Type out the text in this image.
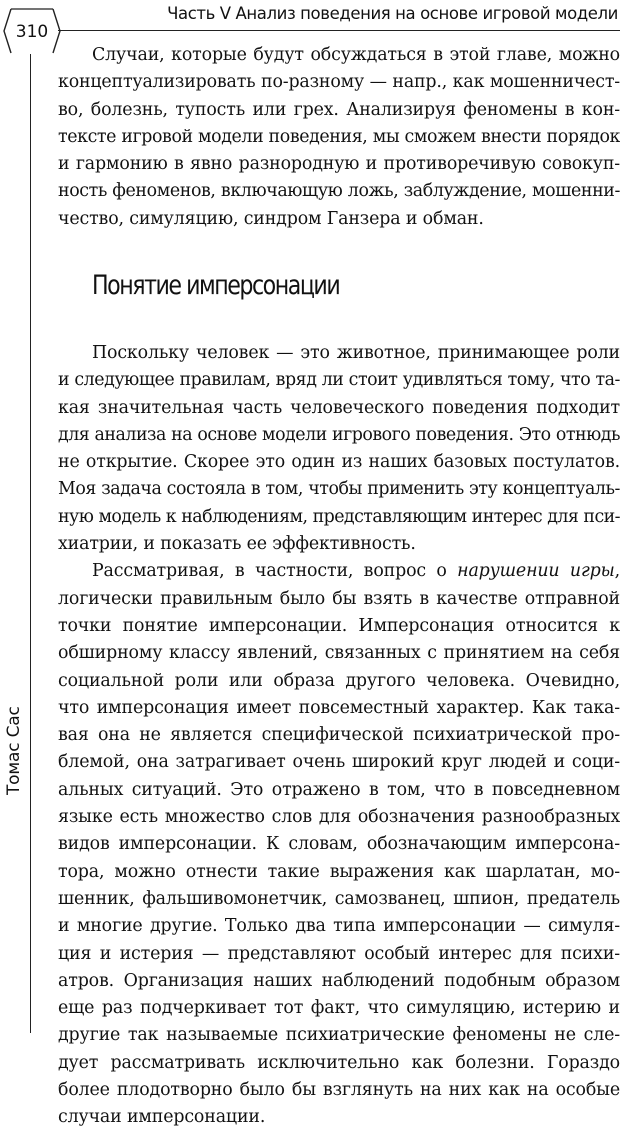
310
Часть V Анализ поведения на основе игровой модели
Томас Сас

Случаи, которые будут обсуждаться в этой главе, можно
концептуализировать по-разному — напр., как мошенничест-
во, болезнь, тупость или грех. Анализируя феномены в кон-
тексте игровой модели поведения, мы сможем внести порядок
и гармонию в явно разнородную и противоречивую совокуп-
ность феноменов, включающую ложь, заблуждение, мошенни-
чество, симуляцию, синдром Ганзера и обман.

Понятие имперсонации

Поскольку человек — это животное, принимающее роли
и следующее правилам, вряд ли стоит удивляться тому, что та-
кая значительная часть человеческого поведения подходит
для анализа на основе модели игрового поведения. Это отнюдь
не открытие. Скорее это один из наших базовых постулатов.
Моя задача состояла в том, чтобы применить эту концептуаль-
ную модель к наблюдениям, представляющим интерес для пси-
хиатрии, и показать ее эффективность.

Рассматривая, в частности, вопрос о нарушении игры,
логически правильным было бы взять в качестве отправной
точки понятие имперсонации. Имперсонация относится к
обширному классу явлений, связанных с принятием на себя
социальной роли или образа другого человека. Очевидно,
что имперсонация имеет повсеместный характер. Как така-
вая она не является специфической психиатрической про-
блемой, она затрагивает очень широкий круг людей и соци-
альных ситуаций. Это отражено в том, что в повседневном
языке есть множество слов для обозначения разнообразных
видов имперсонации. К словам, обозначающим имперсона-
тора, можно отнести такие выражения как шарлатан, мо-
шенник, фальшивомонетчик, самозванец, шпион, предатель
и многие другие. Только два типа имперсонации — симуля-
ция и истерия — представляют особый интерес для психи-
атров. Организация наших наблюдений подобным образом
еще раз подчеркивает тот факт, что симуляцию, истерию и
другие так называемые психиатрические феномены не сле-
дует рассматривать исключительно как болезни. Гораздо
более плодотворно было бы взглянуть на них как на особые
случаи имперсонации.
